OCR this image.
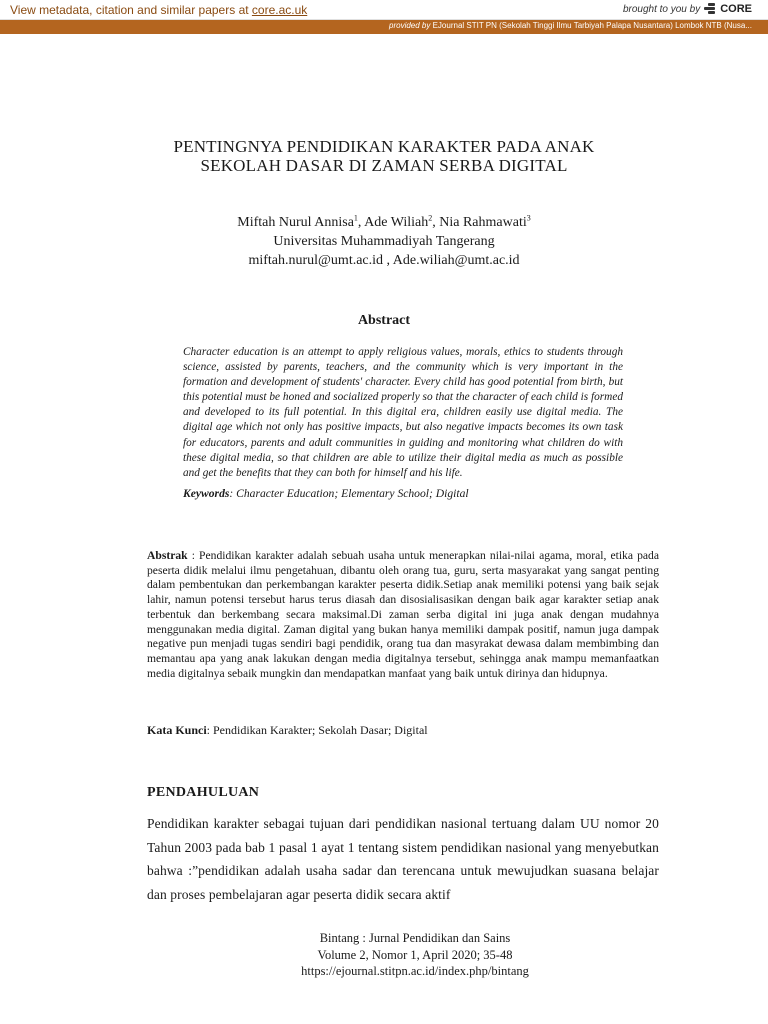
View metadata, citation and similar papers at core.ac.uk	brought to you by CORE
provided by EJournal STIT PN (Sekolah Tinggi Ilmu Tarbiyah Palapa Nusantara) Lombok NTB (Nusa...
PENTINGNYA PENDIDIKAN KARAKTER PADA ANAK
SEKOLAH DASAR DI ZAMAN SERBA DIGITAL
Miftah Nurul Annisa$^1$, Ade Wiliah$^2$, Nia Rahmawati$^3$
Universitas Muhammadiyah Tangerang
miftah.nurul@umt.ac.id , Ade.wiliah@umt.ac.id
Abstract
Character education is an attempt to apply religious values, morals, ethics to students through science, assisted by parents, teachers, and the community which is very important in the formation and development of students' character. Every child has good potential from birth, but this potential must be honed and socialized properly so that the character of each child is formed and developed to its full potential. In this digital era, children easily use digital media. The digital age which not only has positive impacts, but also negative impacts becomes its own task for educators, parents and adult communities in guiding and monitoring what children do with these digital media, so that children are able to utilize their digital media as much as possible and get the benefits that they can both for himself and his life.
Keywords: Character Education; Elementary School; Digital
Abstrak : Pendidikan karakter adalah sebuah usaha untuk menerapkan nilai-nilai agama, moral, etika pada peserta didik melalui ilmu pengetahuan, dibantu oleh orang tua, guru, serta masyarakat yang sangat penting dalam pembentukan dan perkembangan karakter peserta didik.Setiap anak memiliki potensi yang baik sejak lahir, namun potensi tersebut harus terus diasah dan disosialisasikan dengan baik agar karakter setiap anak terbentuk dan berkembang secara maksimal.Di zaman serba digital ini juga anak dengan mudahnya menggunakan media digital. Zaman digital yang bukan hanya memiliki dampak positif, namun juga dampak negative pun menjadi tugas sendiri bagi pendidik, orang tua dan masyrakat dewasa dalam membimbing dan memantau apa yang anak lakukan dengan media digitalnya tersebut, sehingga anak mampu memanfaatkan media digitalnya sebaik mungkin dan mendapatkan manfaat yang baik untuk dirinya dan hidupnya.
Kata Kunci: Pendidikan Karakter; Sekolah Dasar; Digital
PENDAHULUAN
Pendidikan karakter sebagai tujuan dari pendidikan nasional tertuang dalam UU nomor 20 Tahun 2003 pada bab 1 pasal 1 ayat 1 tentang sistem pendidikan nasional yang menyebutkan bahwa :”pendidikan adalah usaha sadar dan terencana untuk mewujudkan suasana belajar dan proses pembelajaran agar peserta didik secara aktif
Bintang : Jurnal Pendidikan dan Sains
Volume 2, Nomor 1, April 2020; 35-48
https://ejournal.stitpn.ac.id/index.php/bintang
